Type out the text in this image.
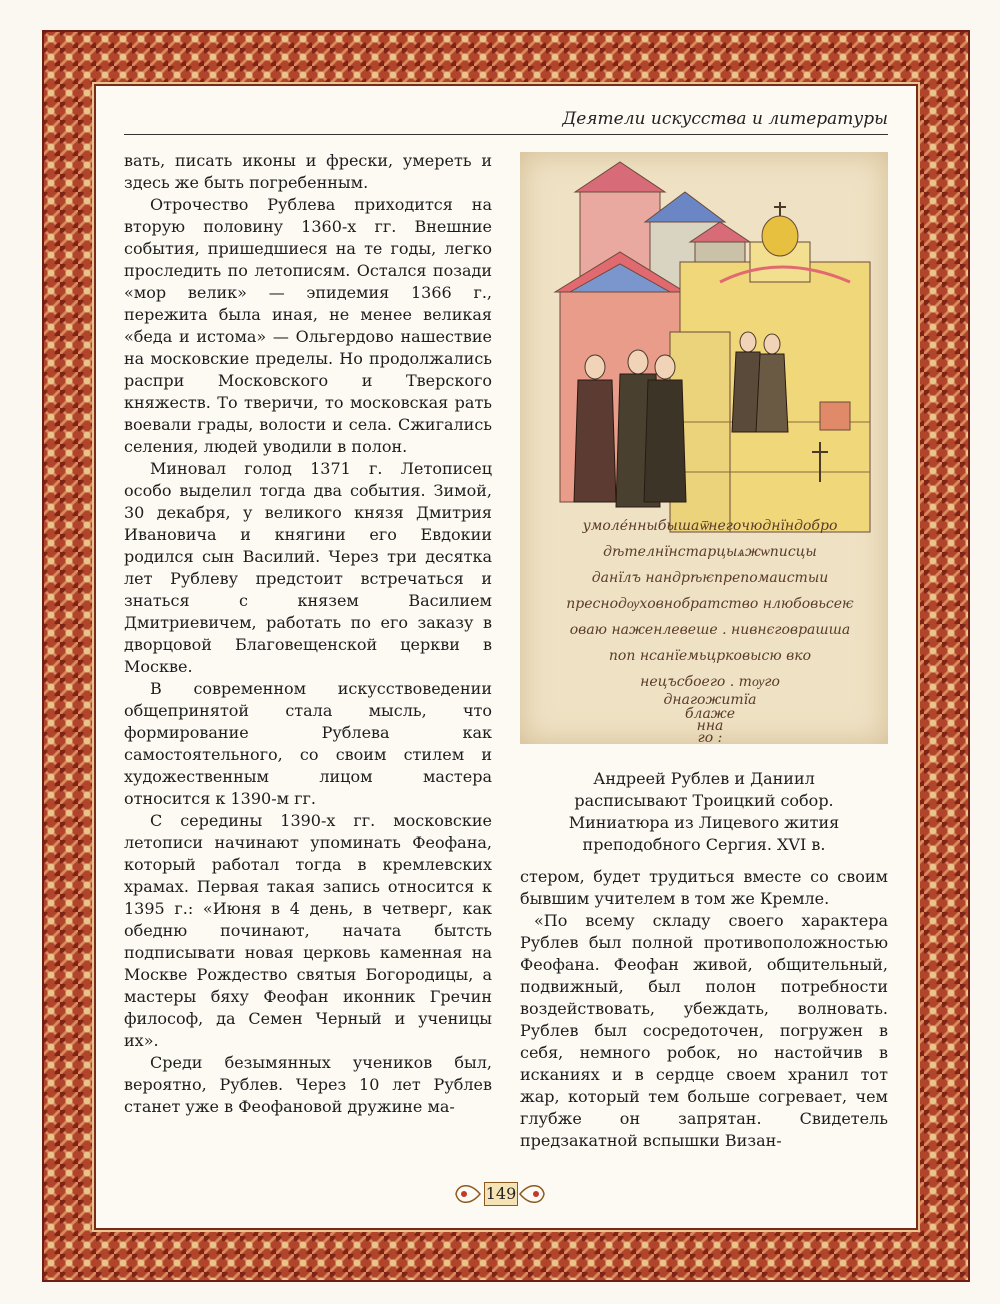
Деятели искусства и литературы

вать, писать иконы и фрески, умереть и здесь же быть погребенным.

Отрочество Рублева приходится на вторую половину 1360-х гг. Внешние события, пришедшиеся на те годы, легко проследить по летописям. Остался позади «мор велик» — эпидемия 1366 г., пережита была иная, не менее великая «беда и истома» — Ольгердово нашествие на московские пределы. Но продолжались распри Московского и Тверского княжеств. То тверичи, то московская рать воевали грады, волости и села. Сжигались селения, людей уводили в полон.

Миновал голод 1371 г. Летописец особо выделил тогда два события. Зимой, 30 декабря, у великого князя Дмитрия Ивановича и княгини его Евдокии родился сын Василий. Через три десятка лет Рублеву предстоит встречаться и знаться с князем Василием Дмитриевичем, работать по его заказу в дворцовой Благовещенской церкви в Москве.

В современном искусствоведении общепринятой стала мысль, что формирование Рублева как самостоятельного, со своим стилем и художественным лицом мастера относится к 1390-м гг.

С середины 1390-х гг. московские летописи начинают упоминать Феофана, который работал тогда в кремлевских храмах. Первая такая запись относится к 1395 г.: «Июня в 4 день, в четверг, как обедню починают, начата бытсть подписывати новая церковь каменная на Москве Рождество святыя Богородицы, а мастеры бяху Феофан иконник Гречин философ, да Семен Черный и ученицы их».

Среди безымянных учеников был, вероятно, Рублев. Через 10 лет Рублев станет уже в Феофановой дружине ма-

умоле́нныбышаѿнегочюднїндобро
дѣтелнїнстарцыѧжѡписцы
данїлъ нандрѣѥпрепомаистыи
преснодѹховнобратство нлюбовьсеѥ
оваю наженлевеше . нивнєговрашша
поп нсанїемьцрковысю вко
нецъсбоего . тѹго
днагожитїа
блаже
нна
го :
Андреей Рублев и Даниил
расписывают Троицкий собор.
Миниатюра из Лицевого жития
преподобного Сергия. XVI в.

стером, будет трудиться вместе со своим бывшим учителем в том же Кремле.

«По всему складу своего характера Рублев был полной противоположностью Феофана. Феофан живой, общительный, подвижный, был полон потребности воздействовать, убеждать, волновать. Рублев был сосредоточен, погружен в себя, немного робок, но настойчив в исканиях и в сердце своем хранил тот жар, который тем больше согревает, чем глубже он запрятан. Свидетель предзакатной вспышки Визан-

149
